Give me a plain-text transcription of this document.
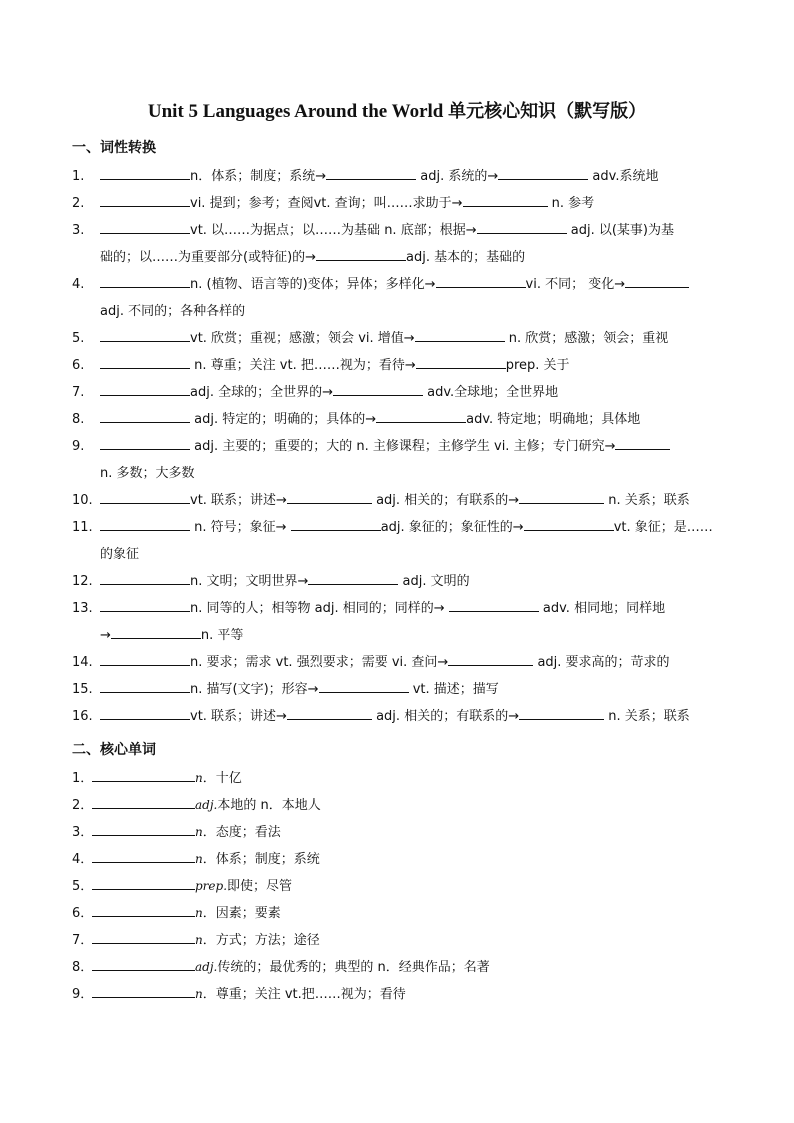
Unit 5 Languages Around the World 单元核心知识（默写版）
一、词性转换
1.	n．体系；制度；系统→	adj. 系统的→	adv.系统地
2.	vi. 提到；参考；查阅vt. 查询；叫……求助于→	n. 参考
3.	vt. 以……为据点；以……为基础 n. 底部；根据→	adj. 以(某事)为基
础的；以……为重要部分(或特征)的→	adj. 基本的；基础的
4.	n. (植物、语言等的)变体；异体；多样化→	vi. 不同； 变化→
adj. 不同的；各种各样的
5.	vt. 欣赏；重视；感激；领会 vi. 增值→	n. 欣赏；感激；领会；重视
6.	n. 尊重；关注 vt. 把……视为；看待→	prep. 关于
7.	adj. 全球的；全世界的→	adv.全球地；全世界地
8.	adj. 特定的；明确的；具体的→	adv. 特定地；明确地；具体地
9.	adj. 主要的；重要的；大的 n. 主修课程；主修学生 vi. 主修；专门研究→
n. 多数；大多数
10.	vt. 联系；讲述→	adj. 相关的；有联系的→	n. 关系；联系
11.	n. 符号；象征→	adj. 象征的；象征性的→	vt. 象征；是……
的象征
12.	n. 文明；文明世界→	adj. 文明的
13.	n. 同等的人；相等物 adj. 相同的；同样的→	adv. 相同地；同样地
→	n. 平等
14.	n. 要求；需求 vt. 强烈要求；需要 vi. 查问→	adj. 要求高的；苛求的
15.	n. 描写(文字)；形容→	vt. 描述；描写
16.	vt. 联系；讲述→	adj. 相关的；有联系的→	n. 关系；联系
二、核心单词
1．	n．十亿
2．	adj.本地的 n．本地人
3．	n．态度；看法
4．	n．体系；制度；系统
5．	prep.即使；尽管
6．	n．因素；要素
7．	n．方式；方法；途径
8．	adj.传统的；最优秀的；典型的 n．经典作品；名著
9．	n．尊重；关注 vt.把……视为；看待
